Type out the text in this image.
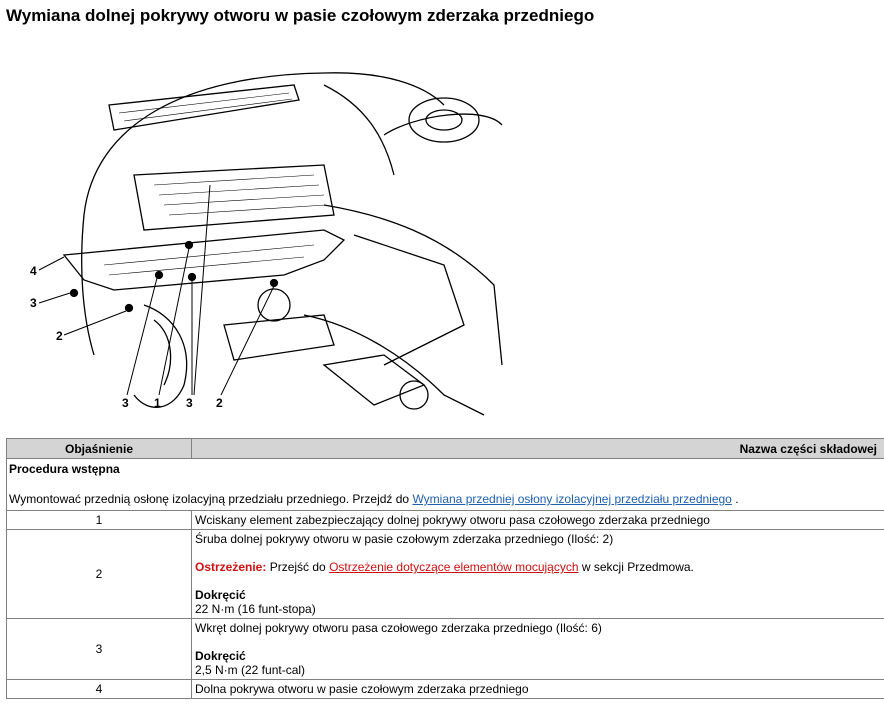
Wymiana dolnej pokrywy otworu w pasie czołowym zderzaka przedniego
4
3
2
3 1 3 2
Objaśnienie	Nazwa części składowej

Procedura wstępna
Wymontować przednią osłonę izolacyjną przedziału przedniego. Przejdź do Wymiana przedniej osłony izolacyjnej przedziału przedniego .	

1	Wciskany element zabezpieczający dolnej pokrywy otworu pasa czołowego zderzaka przedniego
2	Śruba dolnej pokrywy otworu w pasie czołowym zderzaka przedniego (Ilość: 2)
Ostrzeżenie: Przejść do Ostrzeżenie dotyczące elementów mocujących w sekcji Przedmowa.
Dokręcić
22 N·m (16 funt-stopa)

3	Wkręt dolnej pokrywy otworu pasa czołowego zderzaka przedniego (Ilość: 6)
Dokręcić
2,5 N·m (22 funt-cal)

4	Dolna pokrywa otworu w pasie czołowym zderzaka przedniego
